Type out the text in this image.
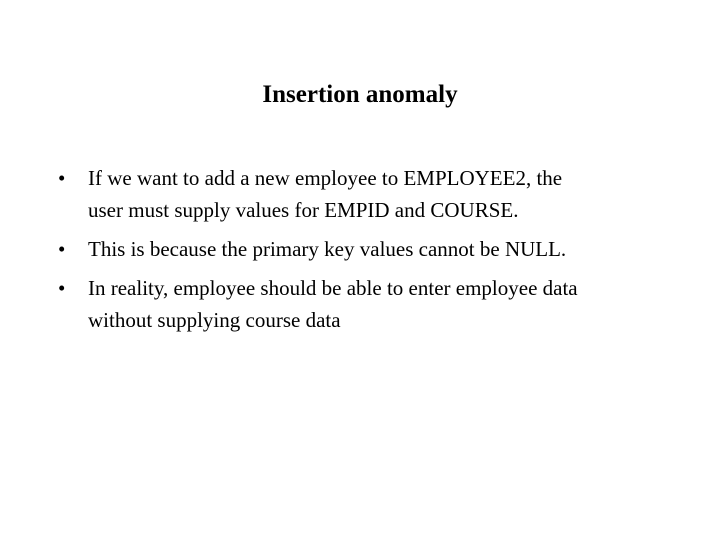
Insertion anomaly
•	If we want to add a new employee to EMPLOYEE2, the
user must supply values for EMPID and COURSE.
•	This is because the primary key values cannot be NULL.
•	In reality, employee should be able to enter employee data
without supplying course data
